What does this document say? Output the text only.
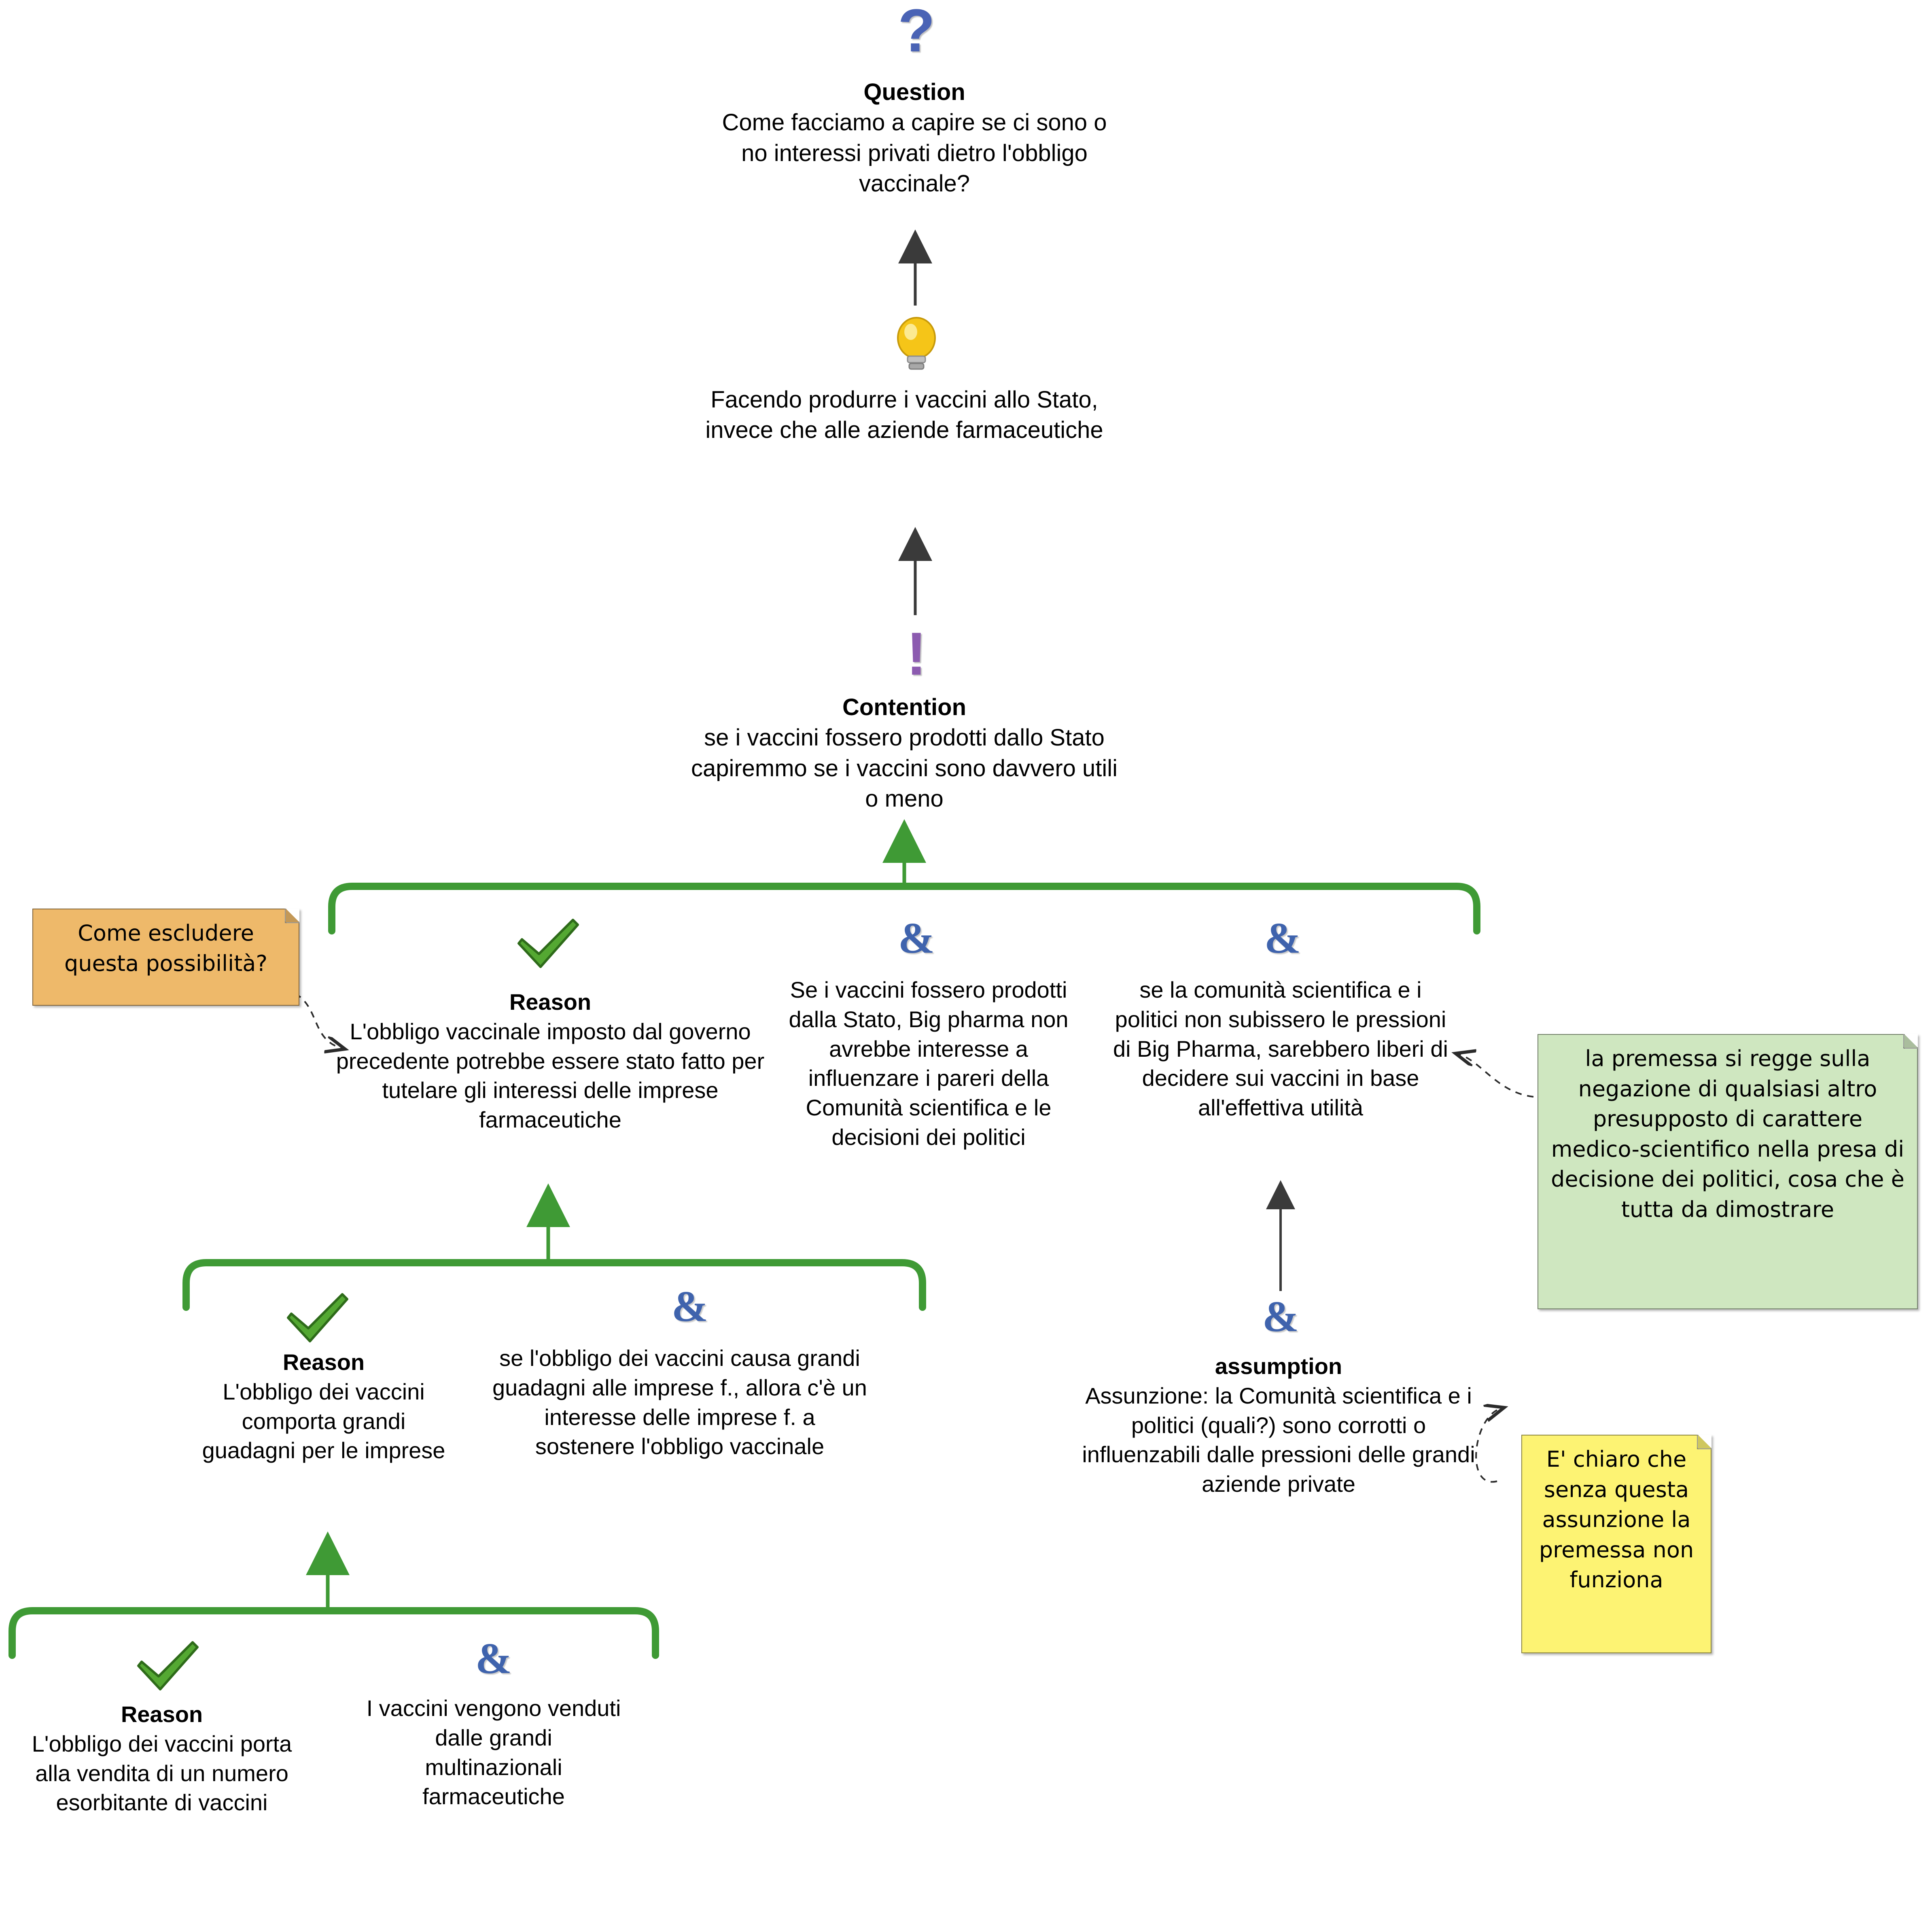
?
Question
Come facciamo a capire se ci sono o no interessi privati dietro l'obbligo vaccinale?
Facendo produrre i vaccini allo Stato, invece che alle aziende farmaceutiche
!
Contention
se i vaccini fossero prodotti dallo Stato capiremmo se i vaccini sono davvero utili o meno
Reason
L'obbligo vaccinale imposto dal governo precedente potrebbe essere stato fatto per tutelare gli interessi delle imprese farmaceutiche
&
Se i vaccini fossero prodotti dalla Stato, Big pharma non avrebbe interesse a influenzare i pareri della Comunità scientifica e le decisioni dei politici
&
se la comunità scientifica e i politici non subissero le pressioni di Big Pharma, sarebbero liberi di decidere sui vaccini in base all'effettiva utilità
Reason
L'obbligo dei vaccini comporta grandi guadagni per le imprese
&
se l'obbligo dei vaccini causa grandi guadagni alle imprese f., allora c'è un interesse delle imprese f. a sostenere l'obbligo vaccinale
&
assumption
Assunzione: la Comunità scientifica e i politici (quali?) sono corrotti o influenzabili dalle pressioni delle grandi aziende private
Reason
L'obbligo dei vaccini porta alla vendita di un numero esorbitante di vaccini
&
I vaccini vengono venduti dalle grandi multinazionali farmaceutiche
Come escludere questa possibilità?
la premessa si regge sulla negazione di qualsiasi altro presupposto di carattere medico-scientifico nella presa di decisione dei politici, cosa che è tutta da dimostrare
E' chiaro che senza questa assunzione la premessa non funziona
